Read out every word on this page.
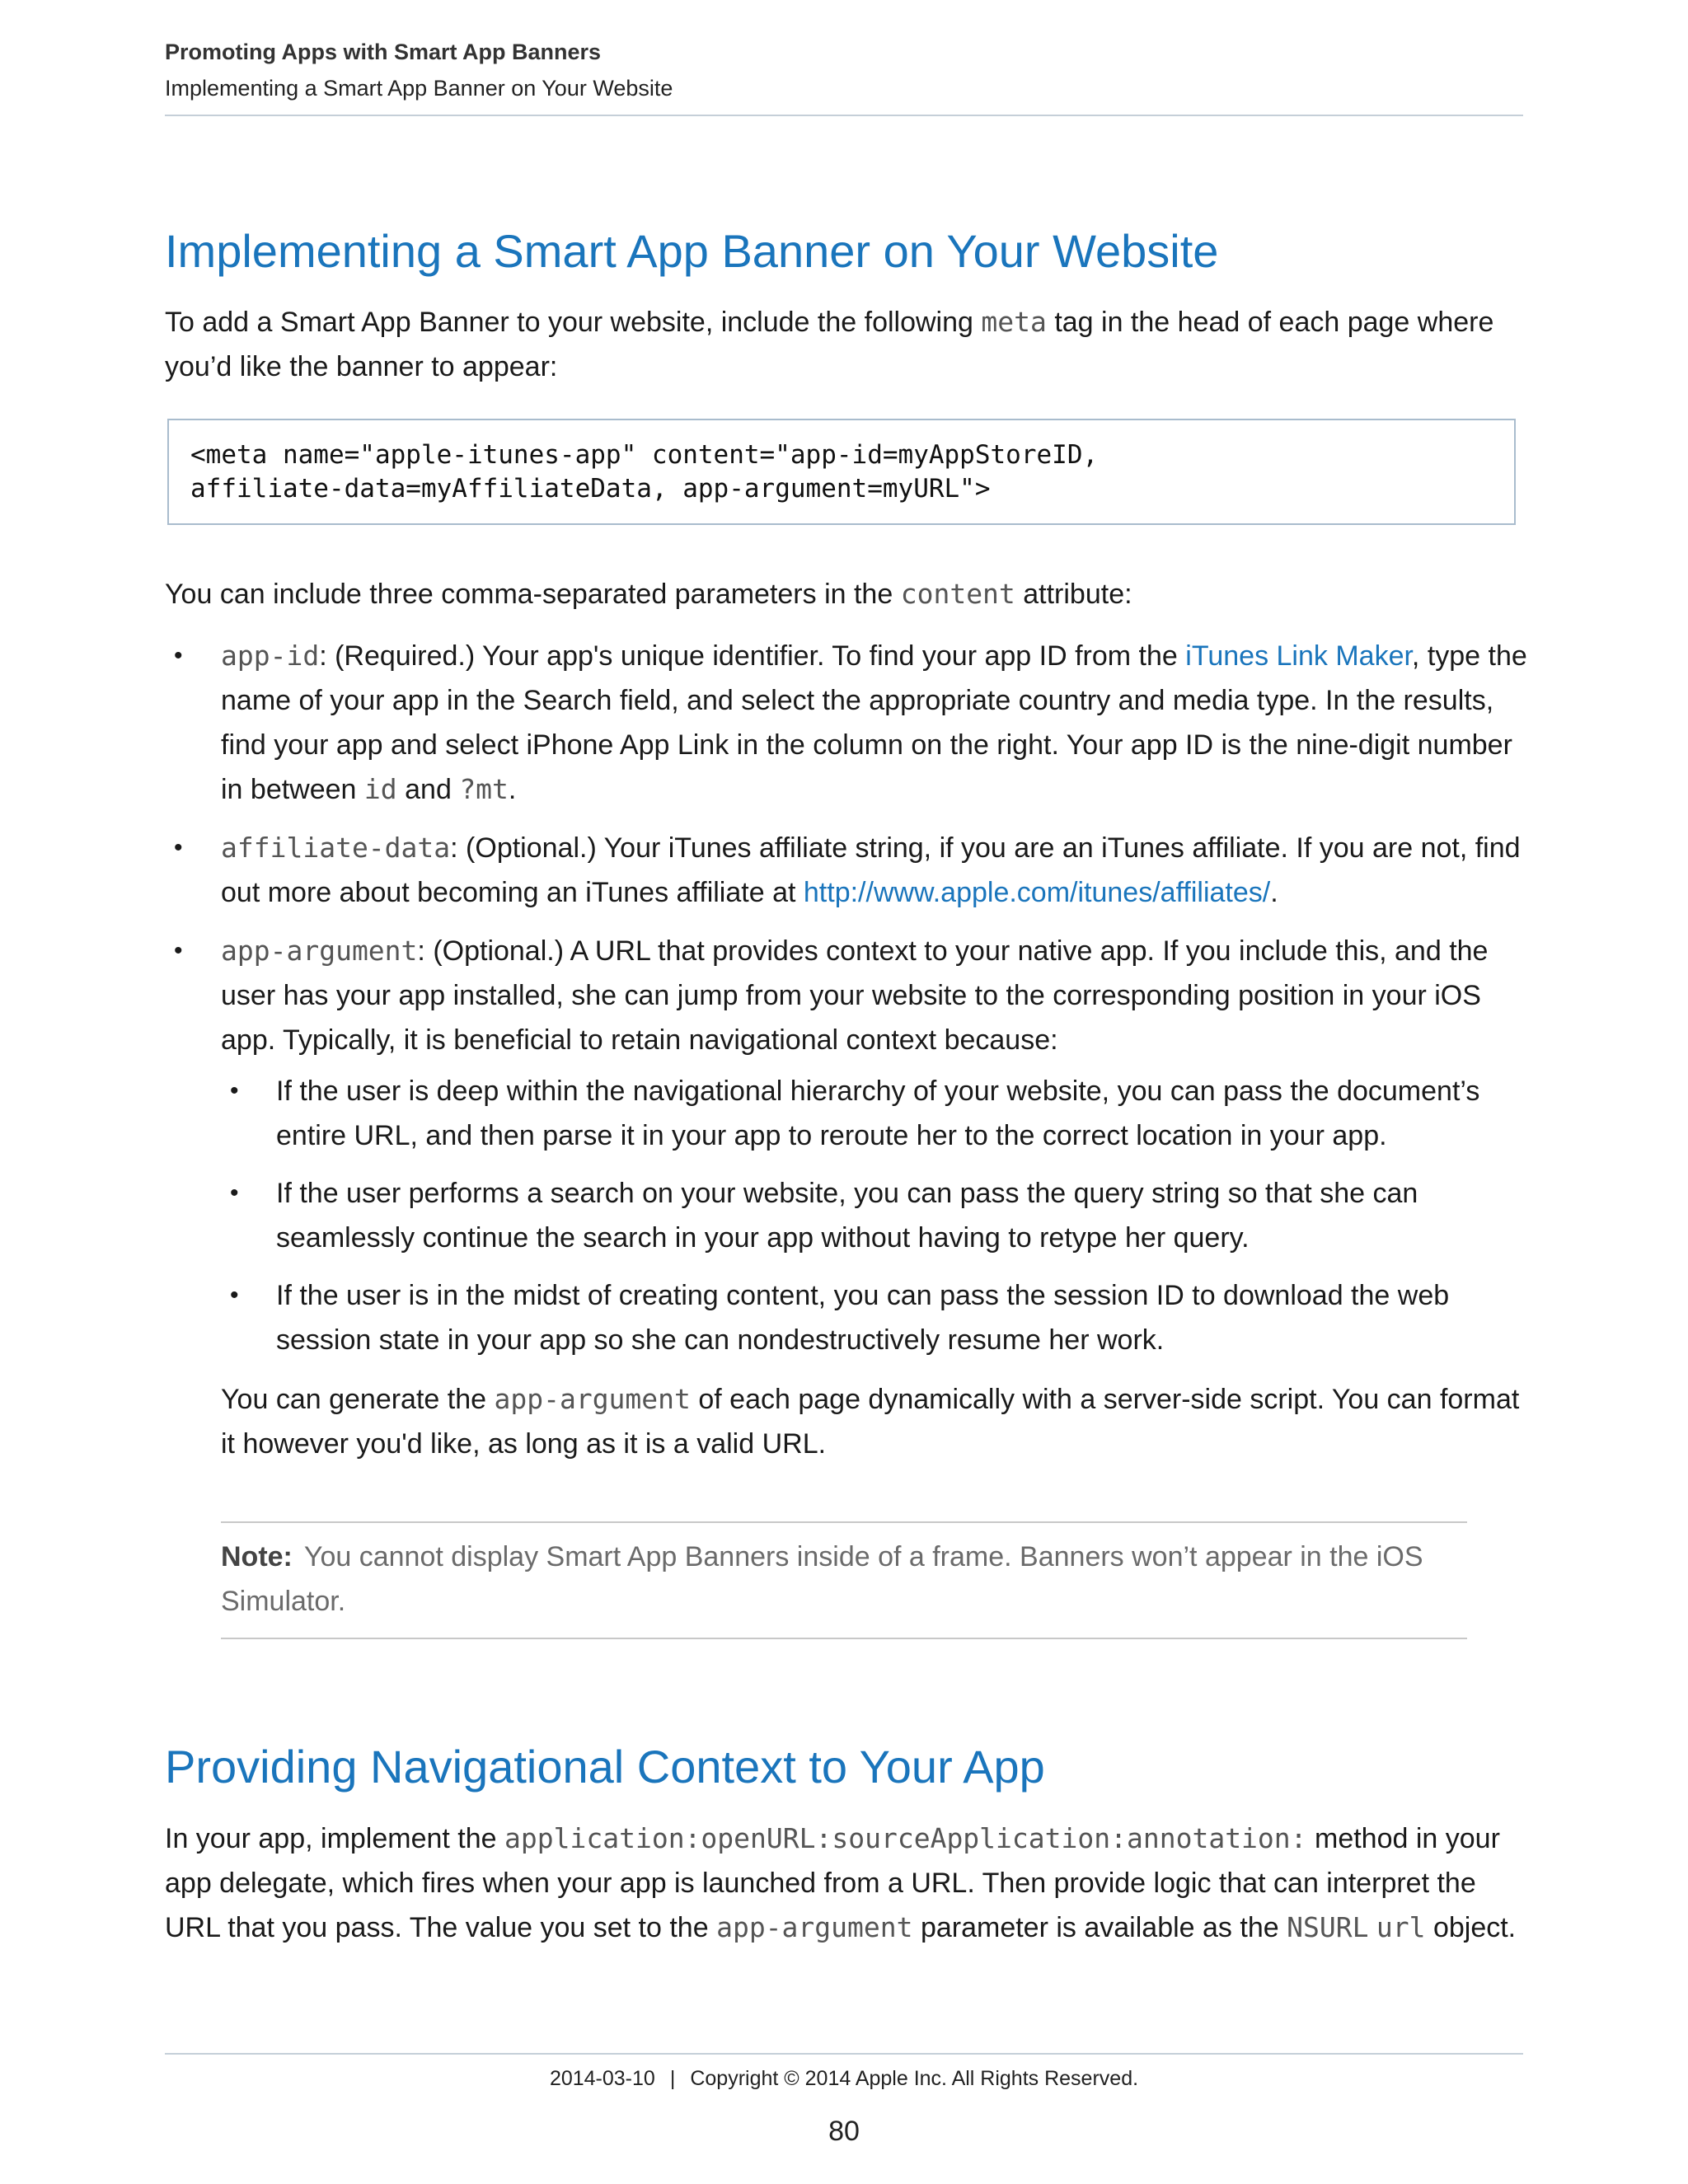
Promoting Apps with Smart App Banners
Implementing a Smart App Banner on Your Website
Implementing a Smart App Banner on Your Website

To add a Smart App Banner to your website, include the following meta tag in the head of each page where you’d like the banner to appear:

<meta name="apple-itunes-app" content="app-id=myAppStoreID,
affiliate-data=myAffiliateData, app-argument=myURL">

You can include three comma-separated parameters in the content attribute:

• app-id: (Required.) Your app's unique identifier. To find your app ID from the iTunes Link Maker, type the name of your app in the Search field, and select the appropriate country and media type. In the results, find your app and select iPhone App Link in the column on the right. Your app ID is the nine-digit number in between id and ?mt.

• affiliate-data: (Optional.) Your iTunes affiliate string, if you are an iTunes affiliate. If you are not, find out more about becoming an iTunes affiliate at http://www.apple.com/itunes/affiliates/.

• app-argument: (Optional.) A URL that provides context to your native app. If you include this, and the user has your app installed, she can jump from your website to the corresponding position in your iOS app. Typically, it is beneficial to retain navigational context because:

• If the user is deep within the navigational hierarchy of your website, you can pass the document’s entire URL, and then parse it in your app to reroute her to the correct location in your app.

• If the user performs a search on your website, you can pass the query string so that she can seamlessly continue the search in your app without having to retype her query.

• If the user is in the midst of creating content, you can pass the session ID to download the web session state in your app so she can nondestructively resume her work.

You can generate the app-argument of each page dynamically with a server-side script. You can format it however you'd like, as long as it is a valid URL.

Note: You cannot display Smart App Banners inside of a frame. Banners won’t appear in the iOS Simulator.

Providing Navigational Context to Your App

In your app, implement the application:openURL:sourceApplication:annotation: method in your app delegate, which fires when your app is launched from a URL. Then provide logic that can interpret the URL that you pass. The value you set to the app-argument parameter is available as the NSURL url object.

2014-03-10 | Copyright © 2014 Apple Inc. All Rights Reserved.
80
